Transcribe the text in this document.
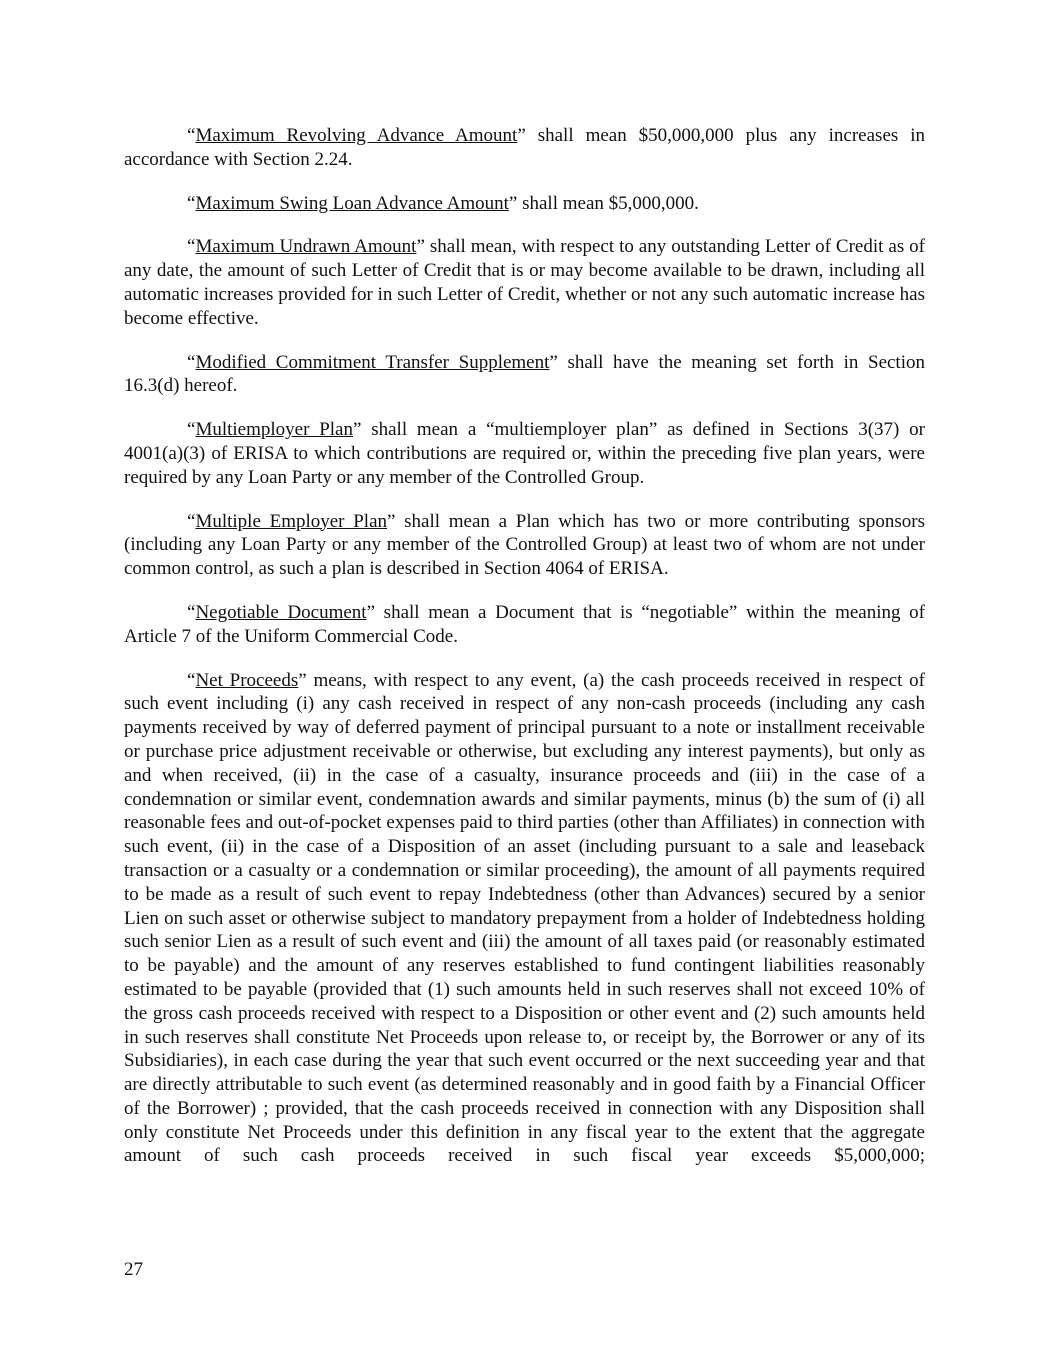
“Maximum Revolving Advance Amount” shall mean $50,000,000 plus any increases in accordance with Section 2.24.

“Maximum Swing Loan Advance Amount” shall mean $5,000,000.

“Maximum Undrawn Amount” shall mean, with respect to any outstanding Letter of Credit as of any date, the amount of such Letter of Credit that is or may become available to be drawn, including all automatic increases provided for in such Letter of Credit, whether or not any such automatic increase has become effective.

“Modified Commitment Transfer Supplement” shall have the meaning set forth in Section 16.3(d) hereof.

“Multiemployer Plan” shall mean a “multiemployer plan” as defined in Sections 3(37) or 4001(a)(3) of ERISA to which contributions are required or, within the preceding five plan years, were required by any Loan Party or any member of the Controlled Group.

“Multiple Employer Plan” shall mean a Plan which has two or more contributing sponsors (including any Loan Party or any member of the Controlled Group) at least two of whom are not under common control, as such a plan is described in Section 4064 of ERISA.

“Negotiable Document” shall mean a Document that is “negotiable” within the meaning of Article 7 of the Uniform Commercial Code.

“Net Proceeds” means, with respect to any event, (a) the cash proceeds received in respect of such event including (i) any cash received in respect of any non-cash proceeds (including any cash payments received by way of deferred payment of principal pursuant to a note or installment receivable or purchase price adjustment receivable or otherwise, but excluding any interest payments), but only as and when received, (ii) in the case of a casualty, insurance proceeds and (iii) in the case of a condemnation or similar event, condemnation awards and similar payments, minus (b) the sum of (i) all reasonable fees and out-of-pocket expenses paid to third parties (other than Affiliates) in connection with such event, (ii) in the case of a Disposition of an asset (including pursuant to a sale and leaseback transaction or a casualty or a condemnation or similar proceeding), the amount of all payments required to be made as a result of such event to repay Indebtedness (other than Advances) secured by a senior Lien on such asset or otherwise subject to mandatory prepayment from a holder of Indebtedness holding such senior Lien as a result of such event and (iii) the amount of all taxes paid (or reasonably estimated to be payable) and the amount of any reserves established to fund contingent liabilities reasonably estimated to be payable (provided that (1) such amounts held in such reserves shall not exceed 10% of the gross cash proceeds received with respect to a Disposition or other event and (2) such amounts held in such reserves shall constitute Net Proceeds upon release to, or receipt by, the Borrower or any of its Subsidiaries), in each case during the year that such event occurred or the next succeeding year and that are directly attributable to such event (as determined reasonably and in good faith by a Financial Officer of the Borrower) ; provided, that the cash proceeds received in connection with any Disposition shall only constitute Net Proceeds under this definition in any fiscal year to the extent that the aggregate amount of such cash proceeds received in such fiscal year exceeds $5,000,000;

27
